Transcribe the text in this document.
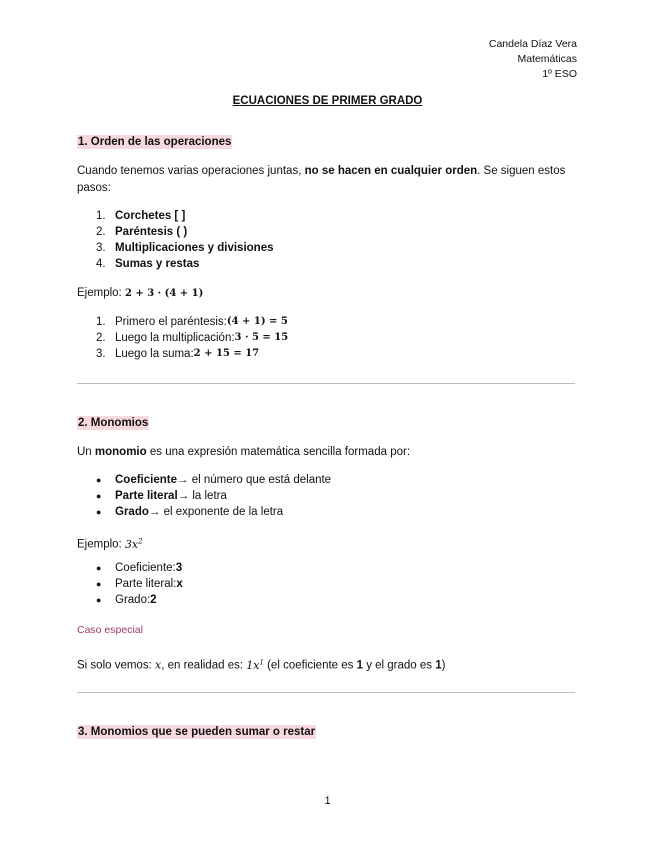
Candela Díaz Vera
Matemáticas
1º ESO
ECUACIONES DE PRIMER GRADO
1. Orden de las operaciones
Cuando tenemos varias operaciones juntas, no se hacen en cualquier orden. Se siguen estos pasos:
1. Corchetes [ ]
2. Paréntesis ( )
3. Multiplicaciones y divisiones
4. Sumas y restas
Ejemplo: 2 + 3 · (4 + 1)
1. Primero el paréntesis: (4 + 1) = 5
2. Luego la multiplicación: 3 · 5 = 15
3. Luego la suma: 2 + 15 = 17
2. Monomios
Un monomio es una expresión matemática sencilla formada por:
●	Coeficiente → el número que está delante
●	Parte literal → la letra
●	Grado → el exponente de la letra
Ejemplo: $3x^2$
●	Coeficiente: 3
●	Parte literal: x
●	Grado: 2
Caso especial
Si solo vemos: x, en realidad es: $1x^1$ (el coeficiente es 1 y el grado es 1)
3. Monomios que se pueden sumar o restar
1
